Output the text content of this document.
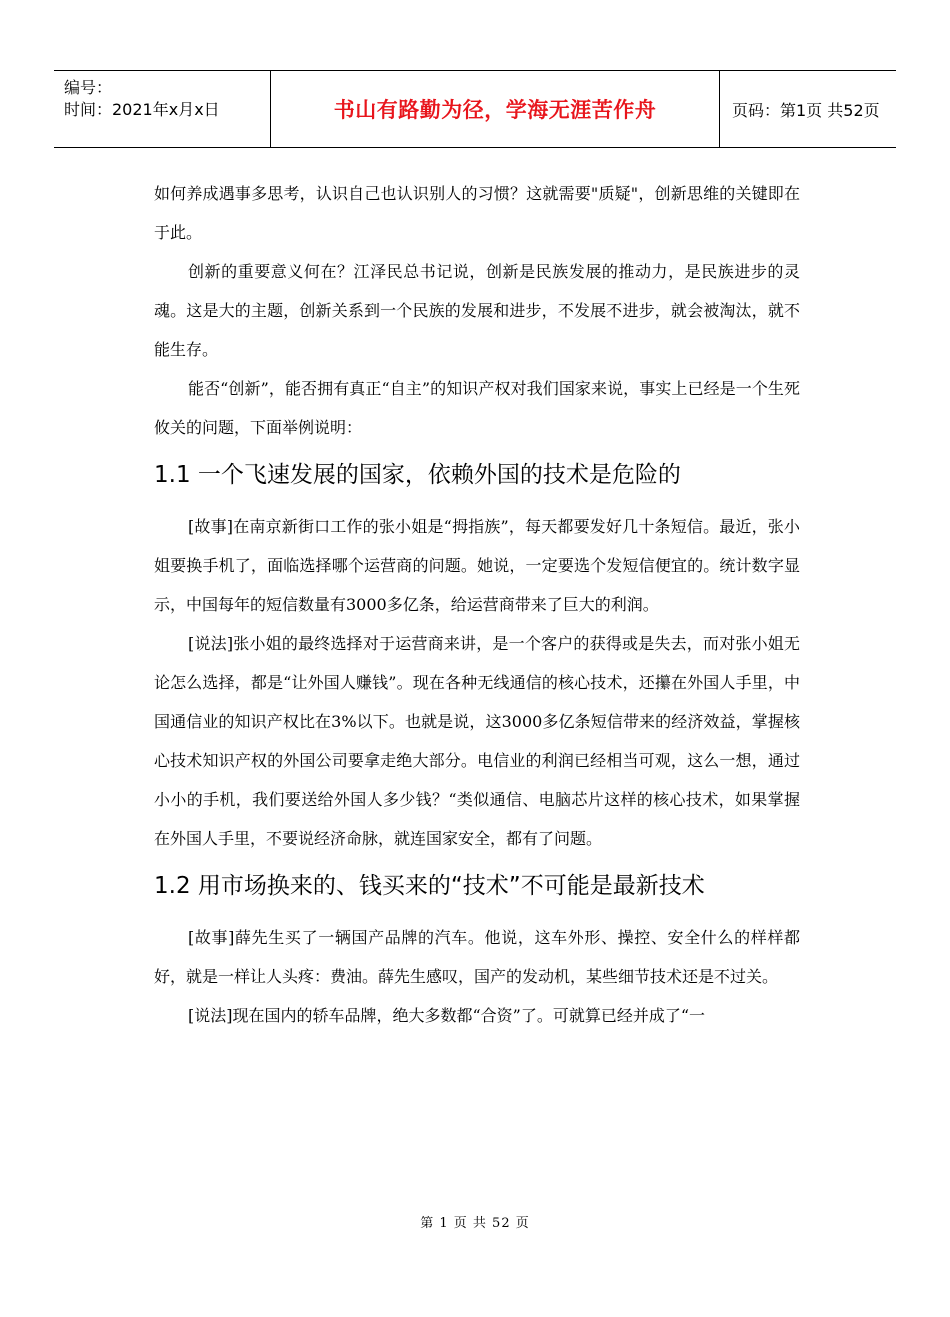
编号：
时间：2021年x月x日	书山有路勤为径，学海无涯苦作舟	页码：第1页 共52页

如何养成遇事多思考，认识自己也认识别人的习惯？这就需要"质疑"，创新思维的关键即在于此。

创新的重要意义何在？江泽民总书记说，创新是民族发展的推动力，是民族进步的灵魂。这是大的主题，创新关系到一个民族的发展和进步，不发展不进步，就会被淘汰，就不能生存。

能否“创新”，能否拥有真正“自主”的知识产权对我们国家来说，事实上已经是一个生死攸关的问题，下面举例说明：

1.1 一个飞速发展的国家，依赖外国的技术是危险的

[故事]在南京新街口工作的张小姐是“拇指族”，每天都要发好几十条短信。最近，张小姐要换手机了，面临选择哪个运营商的问题。她说，一定要选个发短信便宜的。统计数字显示，中国每年的短信数量有3000多亿条，给运营商带来了巨大的利润。

[说法]张小姐的最终选择对于运营商来讲，是一个客户的获得或是失去，而对张小姐无论怎么选择，都是“让外国人赚钱”。现在各种无线通信的核心技术，还攥在外国人手里，中国通信业的知识产权比在3%以下。也就是说，这3000多亿条短信带来的经济效益，掌握核心技术知识产权的外国公司要拿走绝大部分。电信业的利润已经相当可观，这么一想，通过小小的手机，我们要送给外国人多少钱？“类似通信、电脑芯片这样的核心技术，如果掌握在外国人手里，不要说经济命脉，就连国家安全，都有了问题。

1.2 用市场换来的、钱买来的“技术”不可能是最新技术

[故事]薛先生买了一辆国产品牌的汽车。他说，这车外形、操控、安全什么的样样都好，就是一样让人头疼：费油。薛先生感叹，国产的发动机，某些细节技术还是不过关。

[说法]现在国内的轿车品牌，绝大多数都“合资”了。可就算已经并成了“一

第 1 页 共 52 页
